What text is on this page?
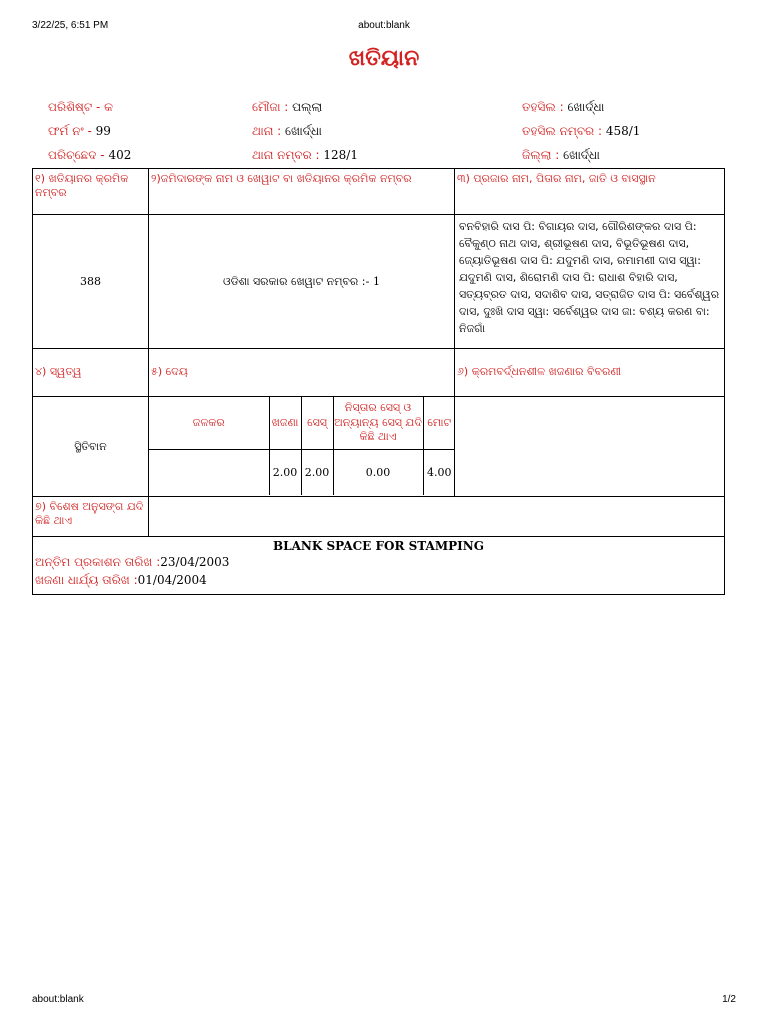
3/22/25, 6:51 PM	about:blank
ଖତିୟାନ
ପରିଶିଷ୍ଟ - କ	ମୌଜା : ପଲ୍ଲା	ତହସିଲ : ଖୋର୍ଦ୍ଧା
ଫର୍ମ ନଂ - 99	ଥାନା : ଖୋର୍ଦ୍ଧା	ତହସିଲ ନମ୍ବର : 458/1
ପରିଚ୍ଛେଦ - 402	ଥାନା ନମ୍ବର : 128/1	ଜିଲ୍ଲା : ଖୋର୍ଦ୍ଧା
୧) ଖତିୟାନର କ୍ରମିକ ନମ୍ବର	୨)ଜମିଦାରଙ୍କ ନାମ ଓ ଖେୱାଟ ବା ଖତିୟାନର କ୍ରମିକ ନମ୍ବର	୩) ପ୍ରଜାର ନାମ, ପିତାର ନାମ, ଜାତି ଓ ବାସସ୍ଥାନ
388	ଓଡିଶା ସରକାର ଖେୱାଟ ନମ୍ବର :- 1	ବନବିହାରି ଦାସ ପି: ବିଗାୟର ଦାସ, ଗୌରିଶଙ୍କର ଦାସ ପି: ବୈକୁଣ୍ଠ ନାଥ ଦାସ, ଶ୍ରୀଭୂଷଣ ଦାସ, ବିଭୂତିଭୂଷଣ ଦାସ, ଜ୍ୟୋତିଭୂଷଣ ଦାସ ପି: ଯଦୁମଣି ଦାସ, ରମାମଣୀ ଦାସ ସ୍ୱା: ଯଦୁମଣି ଦାସ, ଶିରୋମଣି ଦାସ ପି: ରାଧାଶ ବିହାରି ଦାସ, ସତ୍ୟବ୍ରତ ଦାସ, ସଦାଶିବ ଦାସ, ସତ୍ରାଜିତ ଦାସ ପି: ସର୍ବେଶ୍ୱର ଦାସ, ଦୁଃଖି ଦାସ ସ୍ୱା: ସର୍ବେଶ୍ୱର ଦାସ ଜା: ବଶ୍ୟ କରଣ ବା: ନିଜଗାଁ
୪) ସ୍ୱତ୍ୱ	୫) ଦେୟ	୬) କ୍ରମବର୍ଦ୍ଧନଶୀଳ ଖଜଣାର ବିବରଣୀ
ସ୍ଥିତିବାନ	
ଜଳକର	ଖଜଣା	ସେସ୍	ନିସ୍ତାର ସେସ୍ ଓ ଅନ୍ୟାନ୍ୟ ସେସ୍ ଯଦି କିଛି ଥାଏ	ମୋଟ
	2.00	2.00	0.00	4.00

୭) ବିଶେଷ ଅନୁସଙ୍ଗ ଯଦି କିଛି ଥାଏ	

BLANK SPACE FOR STAMPING
ଅନ୍ତିମ ପ୍ରକାଶନ ତାରିଖ :23/04/2003
ଖଜଣା ଧାର୍ଯ୍ୟ ତାରିଖ :01/04/2004
about:blank	1/2
